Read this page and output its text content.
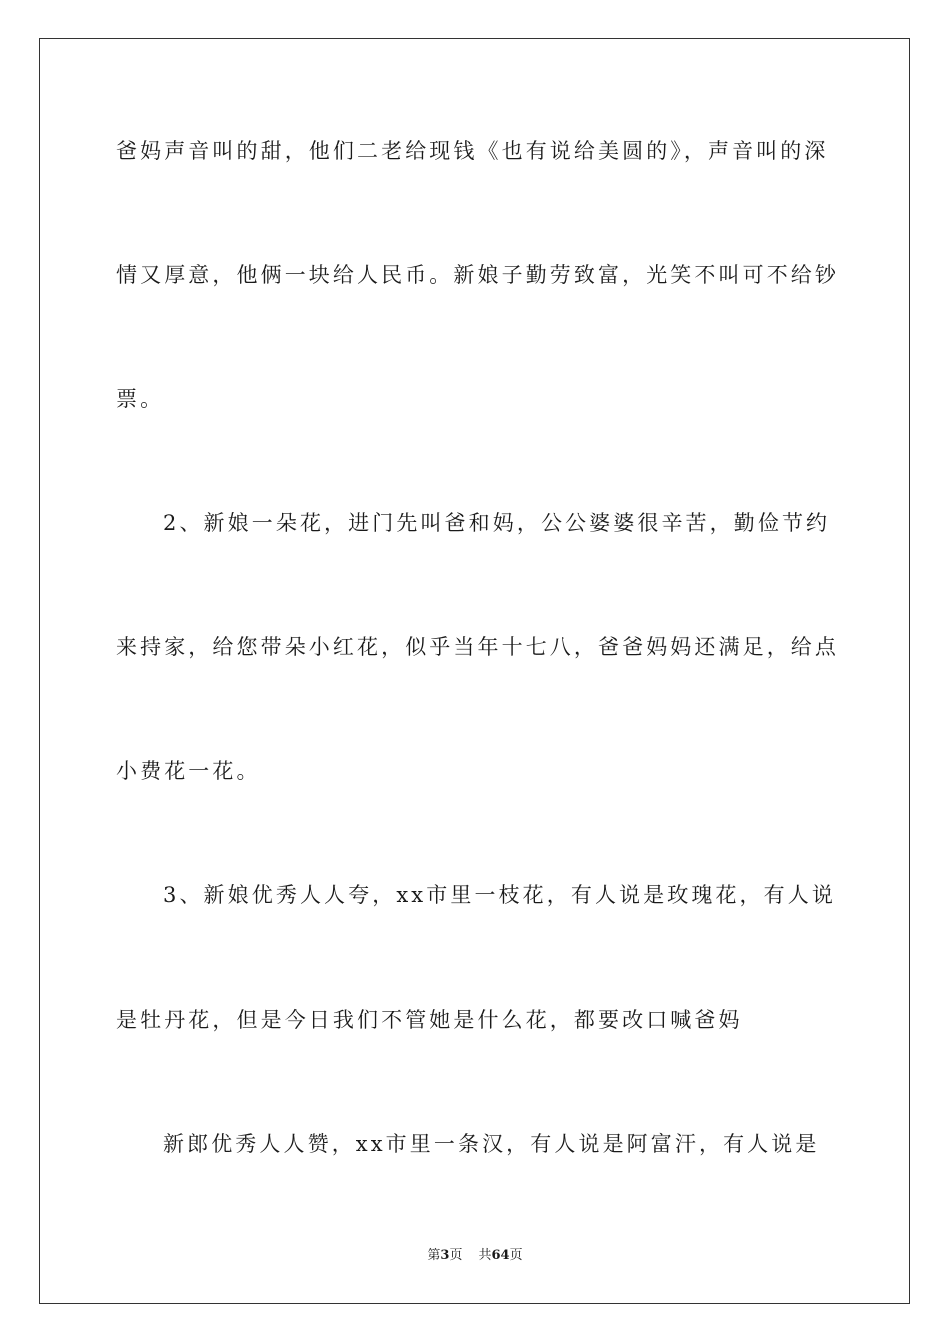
爸妈声音叫的甜，他们二老给现钱《也有说给美圆的》，声音叫的深
情又厚意，他俩一块给人民币。新娘子勤劳致富，光笑不叫可不给钞
票。
2、新娘一朵花，进门先叫爸和妈，公公婆婆很辛苦，勤俭节约
来持家，给您带朵小红花，似乎当年十七八，爸爸妈妈还满足，给点
小费花一花。
3、新娘优秀人人夸，xx市里一枝花，有人说是玫瑰花，有人说
是牡丹花，但是今日我们不管她是什么花，都要改口喊爸妈
新郎优秀人人赞，xx市里一条汉，有人说是阿富汗，有人说是
第3页 共64页
